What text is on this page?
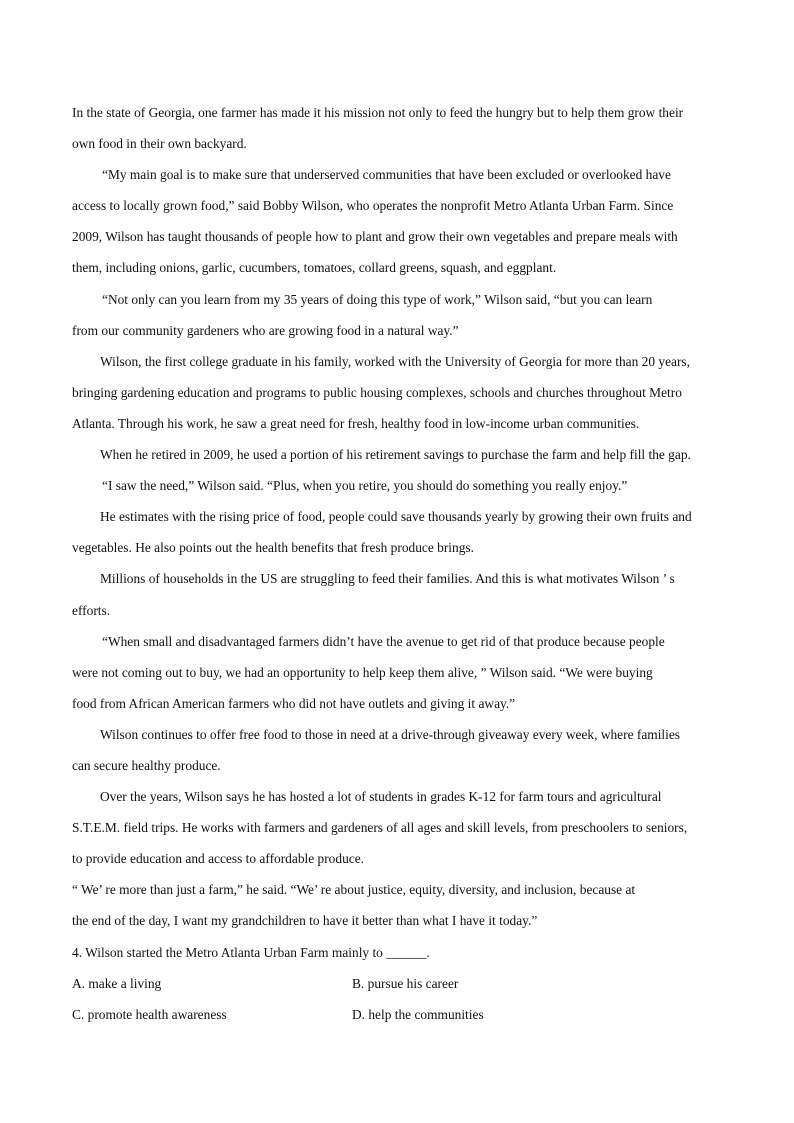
In the state of Georgia, one farmer has made it his mission not only to feed the hungry but to help them grow their
own food in their own backyard.
“My main goal is to make sure that underserved communities that have been excluded or overlooked have
access to locally grown food,” said Bobby Wilson, who operates the nonprofit Metro Atlanta Urban Farm. Since
2009, Wilson has taught thousands of people how to plant and grow their own vegetables and prepare meals with
them, including onions, garlic, cucumbers, tomatoes, collard greens, squash, and eggplant.
“Not only can you learn from my 35 years of doing this type of work,” Wilson said, “but you can learn
from our community gardeners who are growing food in a natural way.”
Wilson, the first college graduate in his family, worked with the University of Georgia for more than 20 years,
bringing gardening education and programs to public housing complexes, schools and churches throughout Metro
Atlanta. Through his work, he saw a great need for fresh, healthy food in low-income urban communities.
When he retired in 2009, he used a portion of his retirement savings to purchase the farm and help fill the gap.
“I saw the need,” Wilson said. “Plus, when you retire, you should do something you really enjoy.”
He estimates with the rising price of food, people could save thousands yearly by growing their own fruits and
vegetables. He also points out the health benefits that fresh produce brings.
Millions of households in the US are struggling to feed their families. And this is what motivates Wilson ’ s
efforts.
“When small and disadvantaged farmers didn’t have the avenue to get rid of that produce because people
were not coming out to buy, we had an opportunity to help keep them alive, ” Wilson said. “We were buying
food from African American farmers who did not have outlets and giving it away.”
Wilson continues to offer free food to those in need at a drive-through giveaway every week, where families
can secure healthy produce.
Over the years, Wilson says he has hosted a lot of students in grades K-12 for farm tours and agricultural
S.T.E.M. field trips. He works with farmers and gardeners of all ages and skill levels, from preschoolers to seniors,
to provide education and access to affordable produce.
“ We’ re more than just a farm,” he said. “We’ re about justice, equity, diversity, and inclusion, because at
the end of the day, I want my grandchildren to have it better than what I have it today.”
4. Wilson started the Metro Atlanta Urban Farm mainly to ______.
A. make a living	B. pursue his career
C. promote health awareness	D. help the communities
